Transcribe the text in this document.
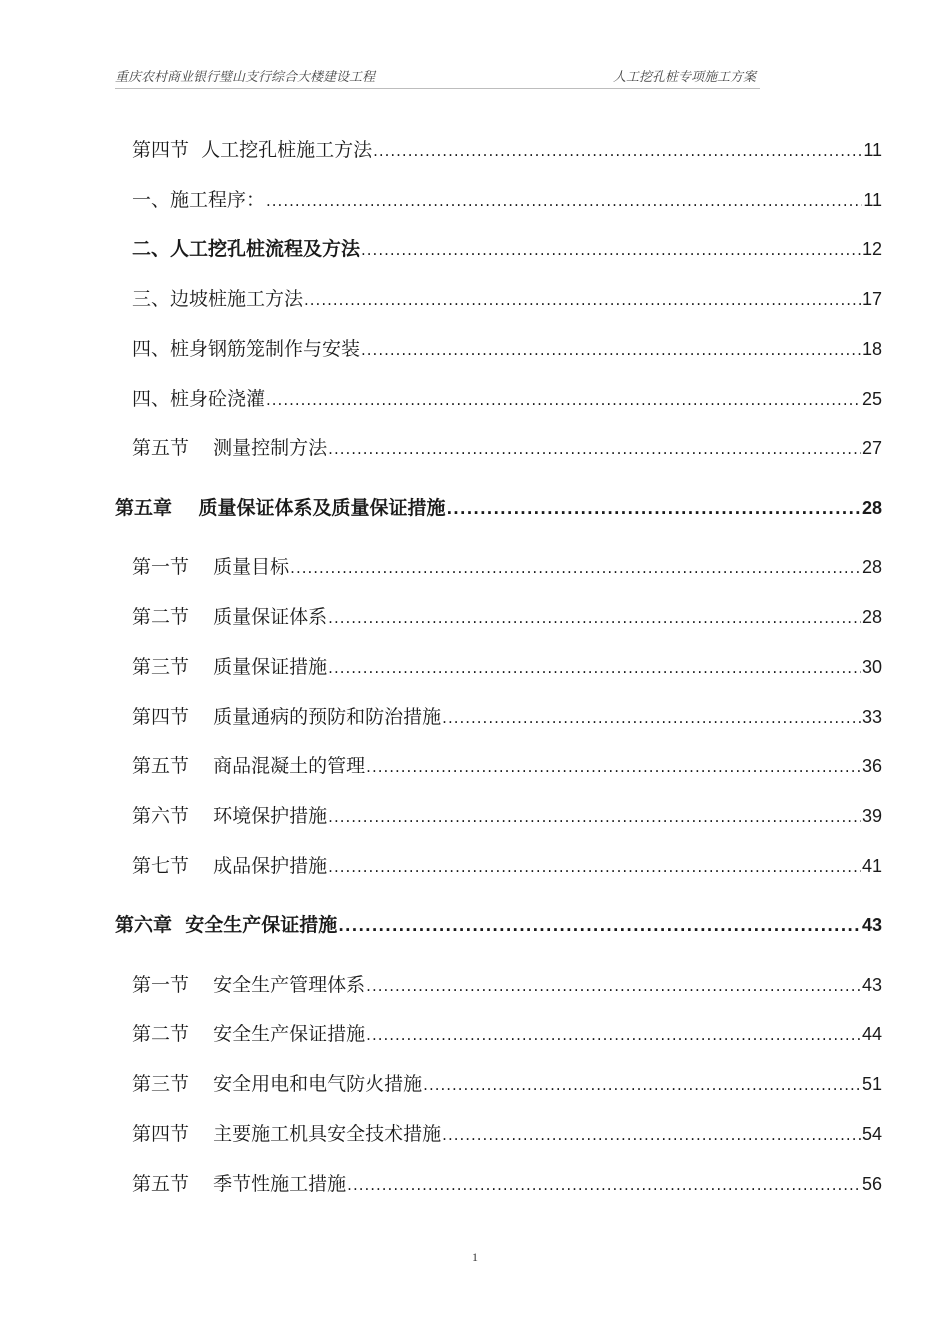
重庆农村商业银行璧山支行综合大楼建设工程	人工挖孔桩专项施工方案
第四节  人工挖孔桩施工方法 .....	11
一、施工程序： .....	11
二、人工挖孔桩流程及方法 .....	12
三、边坡桩施工方法 .....	17
四、桩身钢筋笼制作与安装 .....	18
四、桩身砼浇灌 .....	25
第五节    测量控制方法 .....	27
第五章    质量保证体系及质量保证措施 .....	28
第一节    质量目标 .....	28
第二节    质量保证体系 .....	28
第三节    质量保证措施 .....	30
第四节    质量通病的预防和防治措施 .....	33
第五节    商品混凝土的管理 .....	36
第六节    环境保护措施 .....	39
第七节    成品保护措施 .....	41
第六章  安全生产保证措施 .....	43
第一节    安全生产管理体系 .....	43
第二节    安全生产保证措施 .....	44
第三节    安全用电和电气防火措施 .....	51
第四节    主要施工机具安全技术措施 .....	54
第五节    季节性施工措施 .....	56
1
